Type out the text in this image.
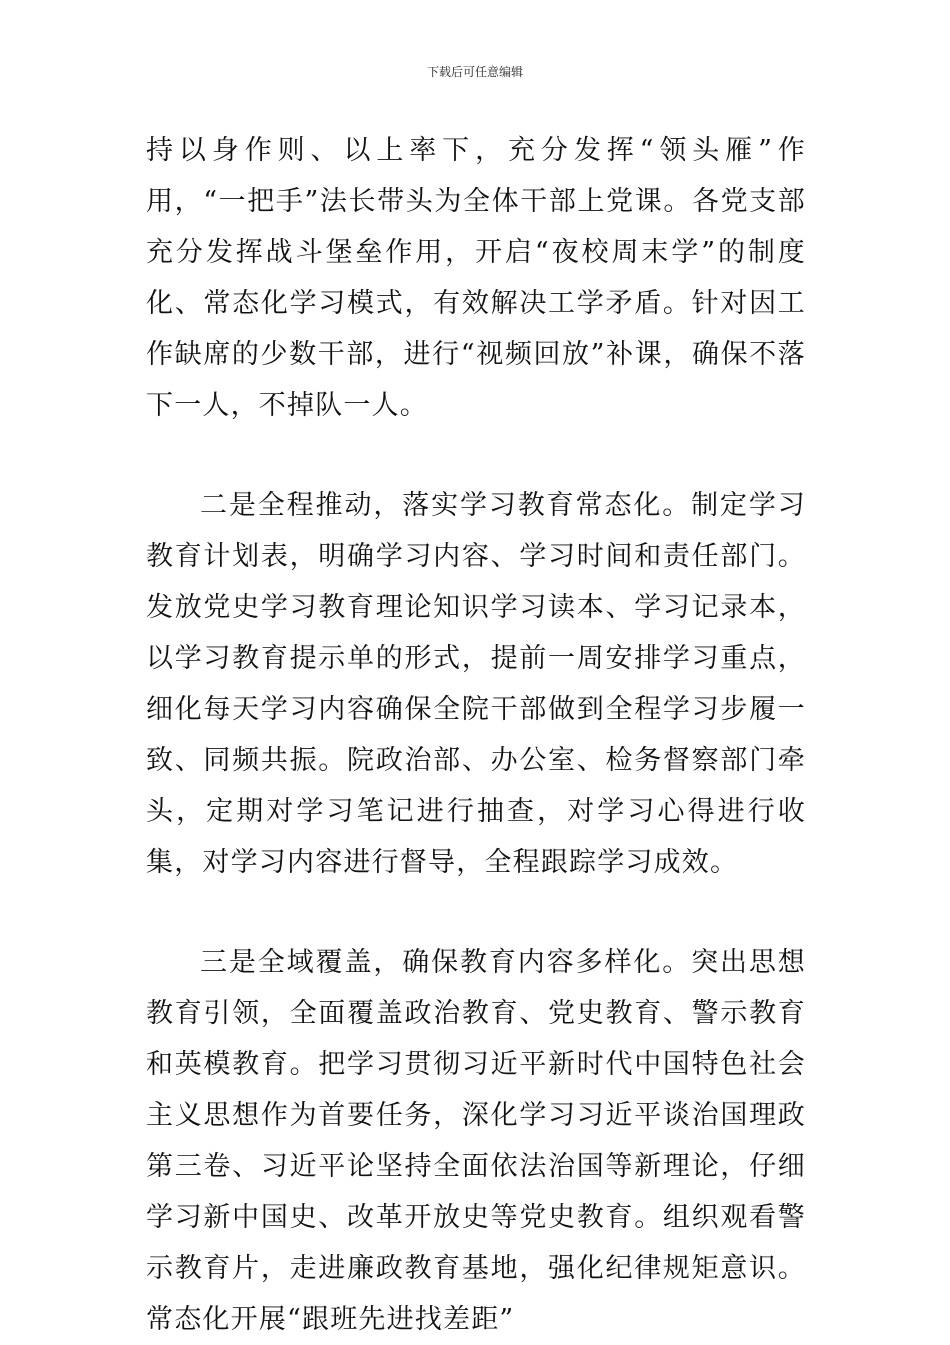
下载后可任意编辑

持以身作则、以上率下，充分发挥“领头雁”作用，“一把手”法长带头为全体干部上党课。各党支部充分发挥战斗堡垒作用，开启“夜校周末学”的制度化、常态化学习模式，有效解决工学矛盾。针对因工作缺席的少数干部，进行“视频回放”补课，确保不落下一人，不掉队一人。

二是全程推动，落实学习教育常态化。制定学习教育计划表，明确学习内容、学习时间和责任部门。发放党史学习教育理论知识学习读本、学习记录本，以学习教育提示单的形式，提前一周安排学习重点，细化每天学习内容确保全院干部做到全程学习步履一致、同频共振。院政治部、办公室、检务督察部门牵头，定期对学习笔记进行抽查，对学习心得进行收集，对学习内容进行督导，全程跟踪学习成效。

三是全域覆盖，确保教育内容多样化。突出思想教育引领，全面覆盖政治教育、党史教育、警示教育和英模教育。把学习贯彻习近平新时代中国特色社会主义思想作为首要任务，深化学习习近平谈治国理政第三卷、习近平论坚持全面依法治国等新理论，仔细学习新中国史、改革开放史等党史教育。组织观看警示教育片，走进廉政教育基地，强化纪律规矩意识。常态化开展“跟班先进找差距”
